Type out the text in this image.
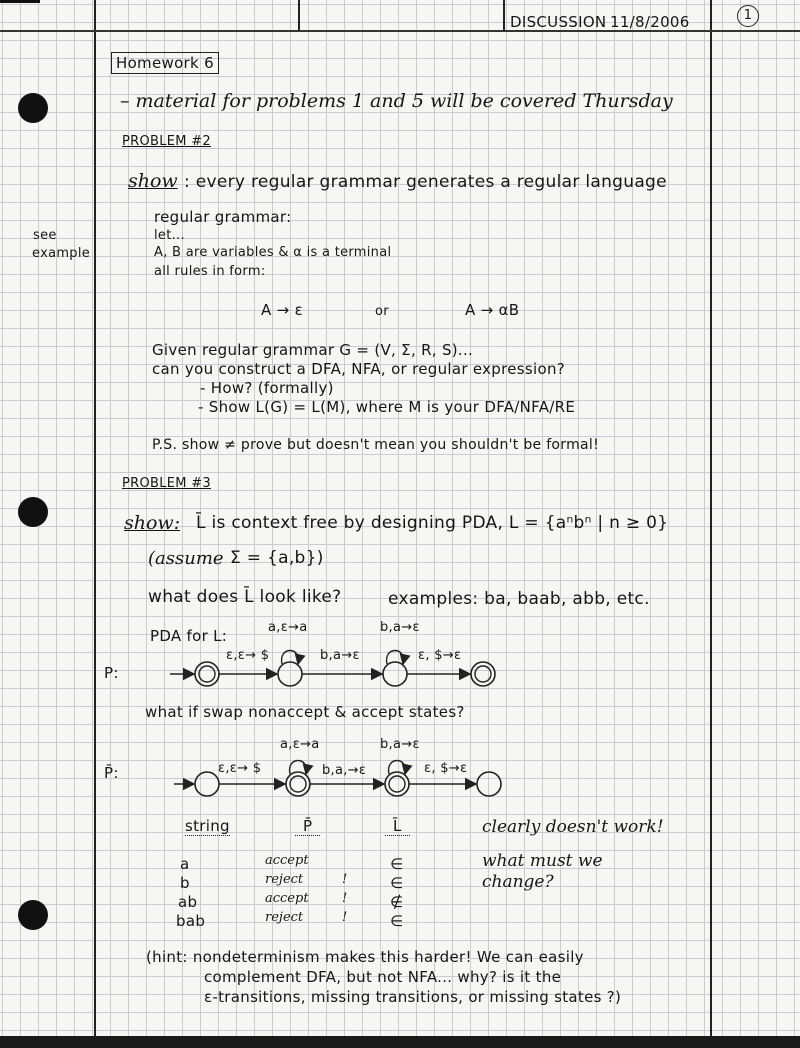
DISCUSSION 11/8/2006	1
see
example
Homework 6
– material for problems 1 and 5 will be covered Thursday
PROBLEM #2
show : every regular grammar generates a regular language
regular grammar:
let...
A, B are variables & α is a terminal
all rules in form:
A → ε	or	A → αB
Given regular grammar G = (V, Σ, R, S)...
can you construct a DFA, NFA, or regular expression?
- How? (formally)
- Show L(G) = L(M), where M is your DFA/NFA/RE
P.S. show ≠ prove but doesn't mean you shouldn't be formal!
PROBLEM #3
show: L̄ is context free by designing PDA, L = {aⁿbⁿ | n ≥ 0}
(assume Σ = {a,b})
what does L̄ look like?	examples: ba, baab, abb, etc.
PDA for L:
P:
ε,ε→ $
a,ε→a
b,a→ε
b,a→ε
ε, $→ε
what if swap nonaccept & accept states?
P̄:	ε,ε→ $
a,ε→a
b,a,→ε
b,a→ε
ε, $→ε
string	P̄	L̄
a	accept	∈
b	reject	!	∈
ab	accept	!	∉
bab	reject	!	∈
clearly doesn't work!
what must we
change?
(hint: nondeterminism makes this harder! We can easily
complement DFA, but not NFA... why? is it the
ε-transitions, missing transitions, or missing states ?)
